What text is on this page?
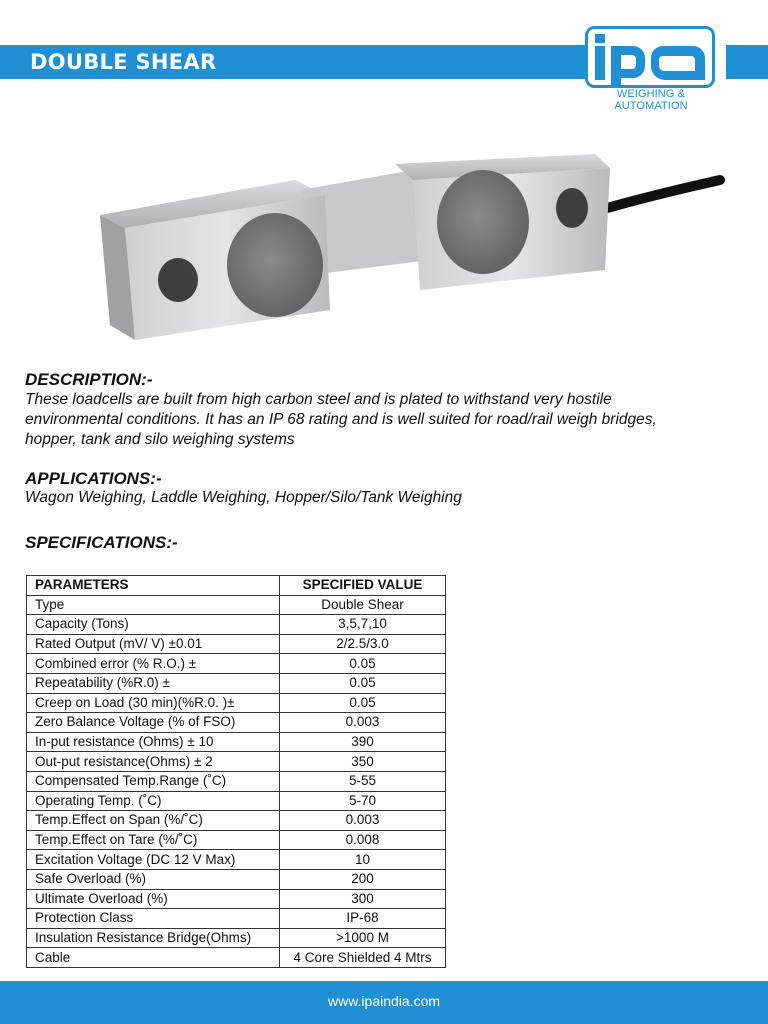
DOUBLE SHEAR
WEIGHING & AUTOMATION
DESCRIPTION:-
These loadcells are built from high carbon steel and is plated to withstand very hostile
environmental conditions. It has an IP 68 rating and is well suited for road/rail weigh bridges,
hopper, tank and silo weighing systems
APPLICATIONS:-
Wagon Weighing, Laddle Weighing, Hopper/Silo/Tank Weighing
SPECIFICATIONS:-
PARAMETERS	SPECIFIED VALUE
Type	Double Shear
Capacity (Tons)	3,5,7,10
Rated Output (mV/ V) ±0.01	2/2.5/3.0
Combined error (% R.O.) ±	0.05
Repeatability (%R.0) ±	0.05
Creep on Load (30 min)(%R.0. )±	0.05
Zero Balance Voltage (% of FSO)	0.003
In-put resistance (Ohms) ± 10	390
Out-put resistance(Ohms) ± 2	350
Compensated Temp.Range (˚C)	5-55
Operating Temp. (˚C)	5-70
Temp.Effect on Span (%/˚C)	0.003
Temp.Effect on Tare (%/˚C)	0.008
Excitation Voltage (DC 12 V Max)	10
Safe Overload (%)	200
Ultimate Overload (%)	300
Protection Class	IP-68
Insulation Resistance Bridge(Ohms)	>1000 M
Cable	4 Core Shielded 4 Mtrs
www.ipaindia.com
